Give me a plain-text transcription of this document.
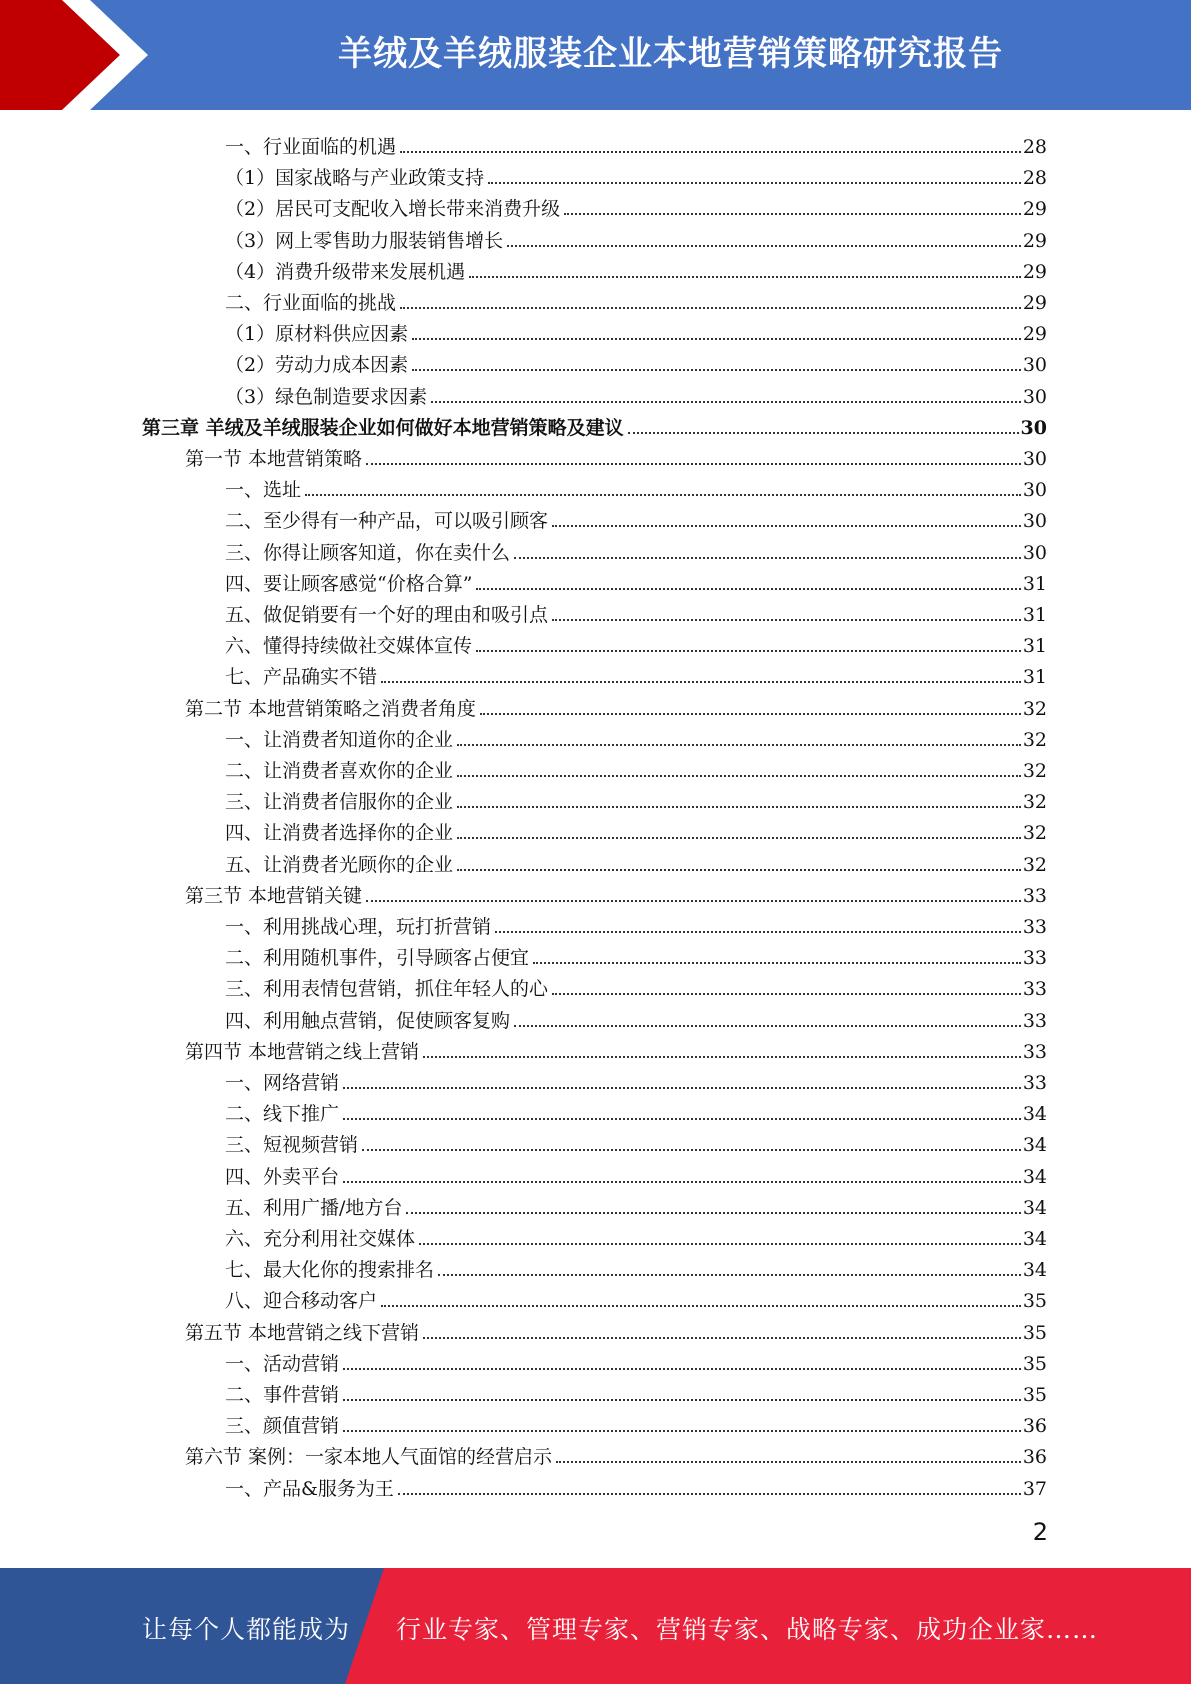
羊绒及羊绒服装企业本地营销策略研究报告
一、行业面临的机遇	28
（1）国家战略与产业政策支持	28
（2）居民可支配收入增长带来消费升级	29
（3）网上零售助力服装销售增长	29
（4）消费升级带来发展机遇	29
二、行业面临的挑战	29
（1）原材料供应因素	29
（2）劳动力成本因素	30
（3）绿色制造要求因素	30
第三章 羊绒及羊绒服装企业如何做好本地营销策略及建议	30
第一节 本地营销策略	30
一、选址	30
二、至少得有一种产品，可以吸引顾客	30
三、你得让顾客知道，你在卖什么	30
四、要让顾客感觉“价格合算”	31
五、做促销要有一个好的理由和吸引点	31
六、懂得持续做社交媒体宣传	31
七、产品确实不错	31
第二节 本地营销策略之消费者角度	32
一、让消费者知道你的企业	32
二、让消费者喜欢你的企业	32
三、让消费者信服你的企业	32
四、让消费者选择你的企业	32
五、让消费者光顾你的企业	32
第三节 本地营销关键	33
一、利用挑战心理，玩打折营销	33
二、利用随机事件，引导顾客占便宜	33
三、利用表情包营销，抓住年轻人的心	33
四、利用触点营销，促使顾客复购	33
第四节 本地营销之线上营销	33
一、网络营销	33
二、线下推广	34
三、短视频营销	34
四、外卖平台	34
五、利用广播/地方台	34
六、充分利用社交媒体	34
七、最大化你的搜索排名	34
八、迎合移动客户	35
第五节 本地营销之线下营销	35
一、活动营销	35
二、事件营销	35
三、颜值营销	36
第六节 案例：一家本地人气面馆的经营启示	36
一、产品&服务为王	37
2
让每个人都能成为 行业专家、管理专家、营销专家、战略专家、成功企业家……
